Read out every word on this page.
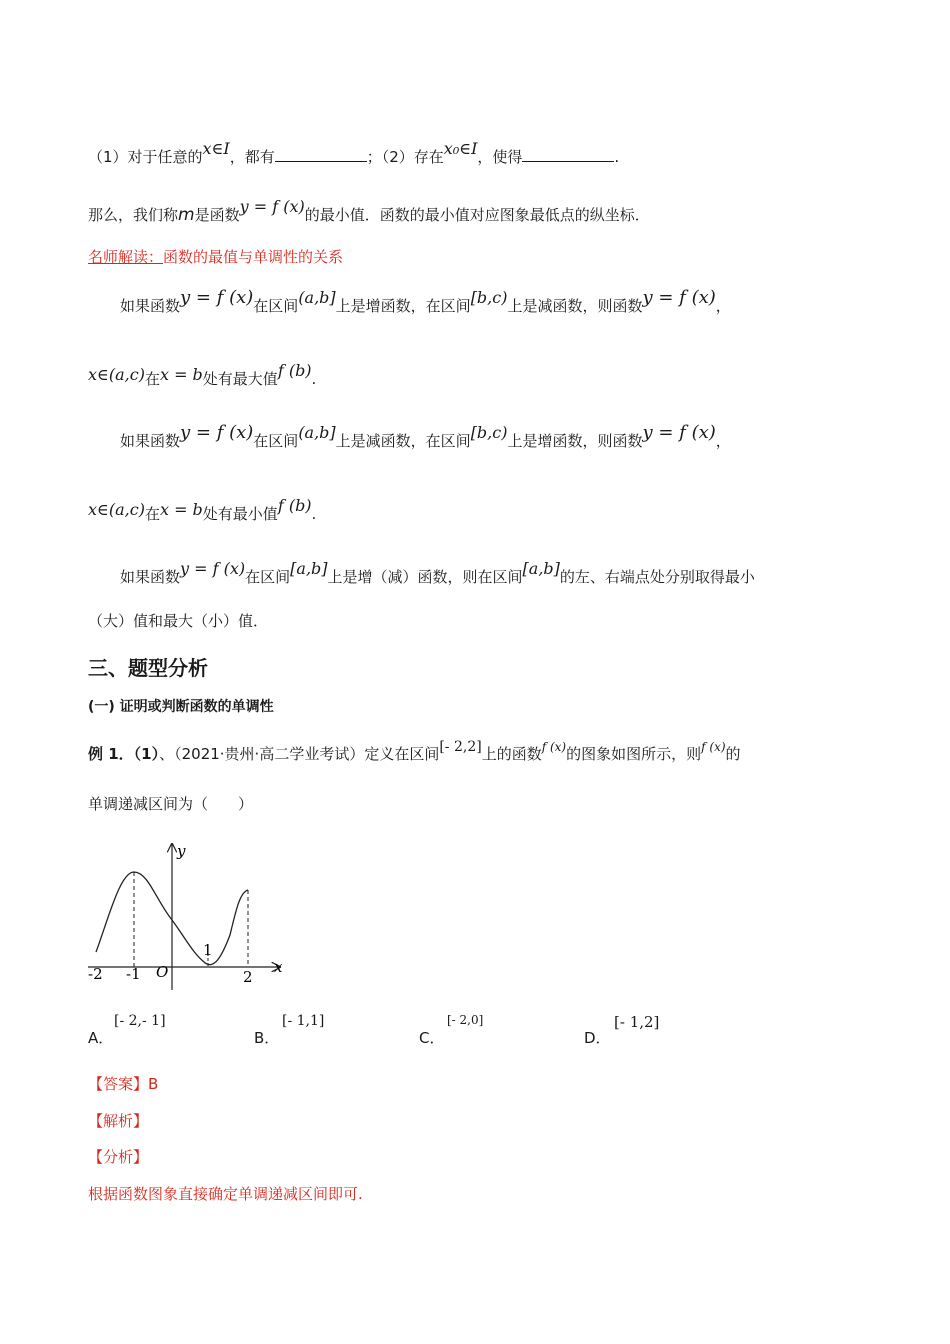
（1）对于任意的x∈I，都有	；（2）存在x₀∈I，使得	.
那么，我们称m是函数y = f (x)的最小值．函数的最小值对应图象最低点的纵坐标．
名师解读：函数的最值与单调性的关系
如果函数y = f (x)在区间(a,b]上是增函数，在区间[b,c)上是减函数，则函数y = f (x)，
x∈(a,c)在x = b处有最大值f (b).
如果函数y = f (x)在区间(a,b]上是减函数，在区间[b,c)上是增函数，则函数y = f (x)，
x∈(a,c)在x = b处有最小值f (b).
如果函数y = f (x)在区间[a,b]上是增（减）函数，则在区间[a,b]的左、右端点处分别取得最小
（大）值和最大（小）值．
三、题型分析
(一) 证明或判断函数的单调性
例 1．（1）、（2021·贵州·高二学业考试）定义在区间[- 2,2]上的函数$^{f (x)}$的图象如图所示，则$^{f (x)}$的
单调递减区间为（　　）
y
x
O
-2 -1
1
2
A．
[- 2,- 1]
B．
[- 1,1]
C．
[- 2,0]
D．
[- 1,2]
【答案】B
【解析】
【分析】
根据函数图象直接确定单调递减区间即可.
